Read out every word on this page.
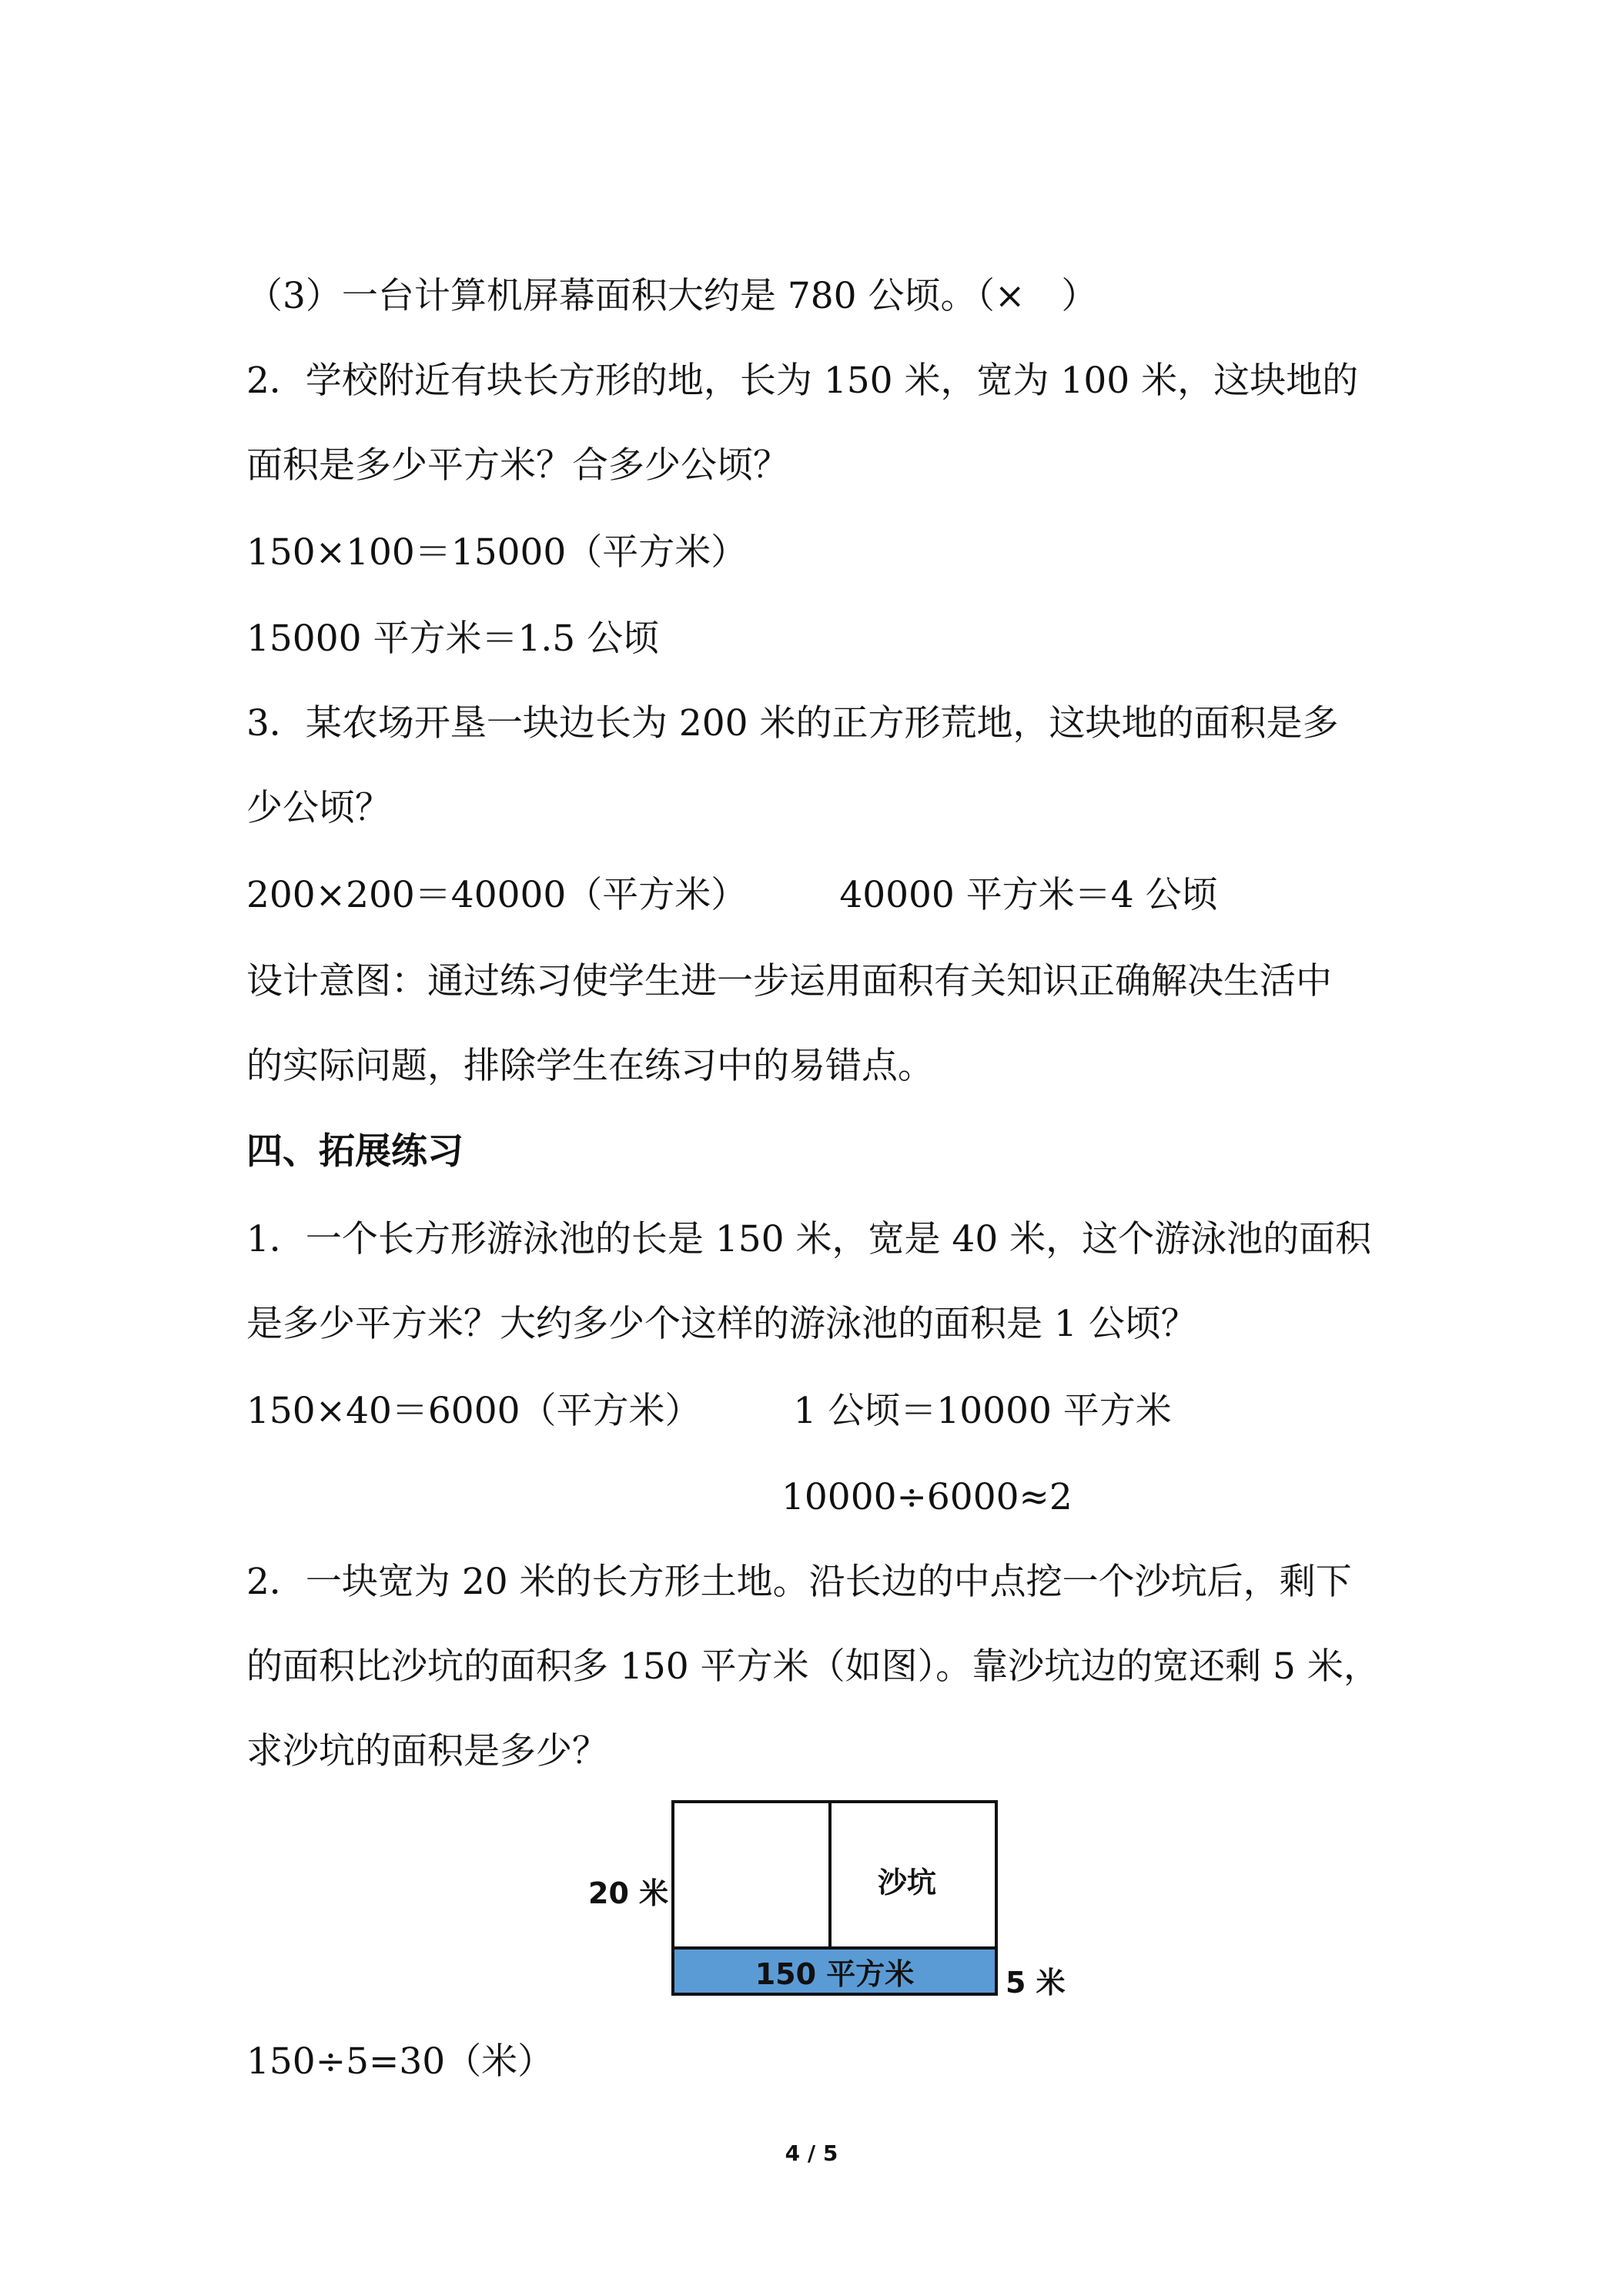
（3）一台计算机屏幕面积大约是 780 公顷。（×　）
2．学校附近有块长方形的地，长为 150 米，宽为 100 米，这块地的
面积是多少平方米？合多少公顷？
150×100＝15000（平方米）
15000 平方米＝1.5 公顷
3．某农场开垦一块边长为 200 米的正方形荒地，这块地的面积是多
少公顷？
200×200＝40000（平方米）	40000 平方米＝4 公顷
设计意图：通过练习使学生进一步运用面积有关知识正确解决生活中
的实际问题，排除学生在练习中的易错点。
四、拓展练习
1．一个长方形游泳池的长是 150 米，宽是 40 米，这个游泳池的面积
是多少平方米？大约多少个这样的游泳池的面积是 1 公顷？
150×40＝6000（平方米）	1 公顷＝10000 平方米
10000÷6000≈2
2．一块宽为 20 米的长方形土地。沿长边的中点挖一个沙坑后，剩下
的面积比沙坑的面积多 150 平方米（如图）。靠沙坑边的宽还剩 5 米，
求沙坑的面积是多少？
沙坑
150 平方米
20 米
5 米
150÷5=30（米）
4 / 5
